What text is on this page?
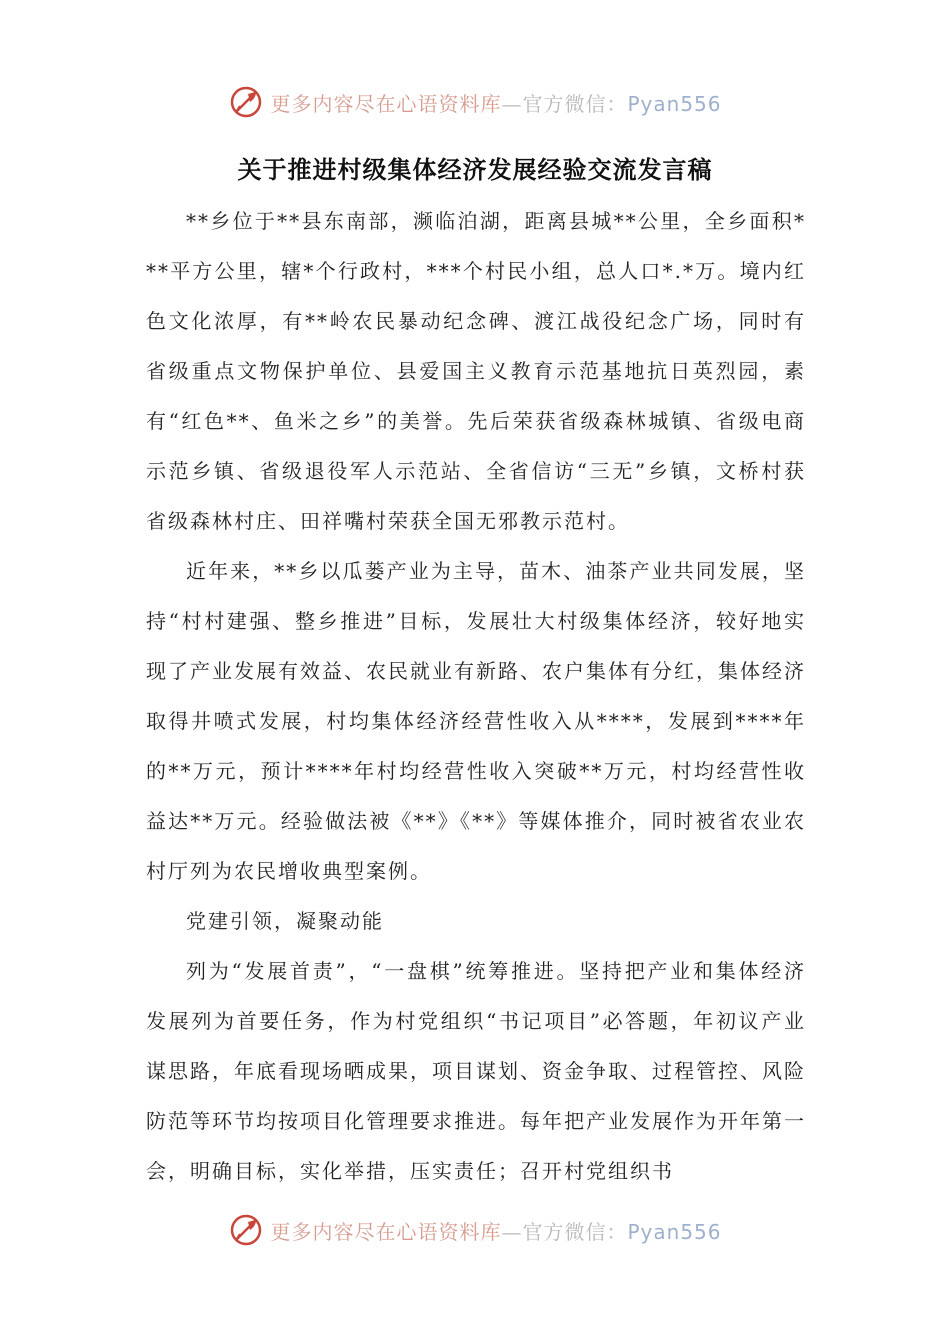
更多内容尽在心语资料库—官方微信：Pyan556
关于推进村级集体经济发展经验交流发言稿

**乡位于**县东南部，濒临泊湖，距离县城**公里，全乡面积***平方公里，辖*个行政村，***个村民小组，总人口*.*万。境内红色文化浓厚，有**岭农民暴动纪念碑、渡江战役纪念广场，同时有省级重点文物保护单位、县爱国主义教育示范基地抗日英烈园，素有“红色**、鱼米之乡”的美誉。先后荣获省级森林城镇、省级电商示范乡镇、省级退役军人示范站、全省信访“三无”乡镇，文桥村获省级森林村庄、田祥嘴村荣获全国无邪教示范村。

近年来，**乡以瓜蒌产业为主导，苗木、油茶产业共同发展，坚持“村村建强、整乡推进”目标，发展壮大村级集体经济，较好地实现了产业发展有效益、农民就业有新路、农户集体有分红，集体经济取得井喷式发展，村均集体经济经营性收入从****，发展到****年的**万元，预计****年村均经营性收入突破**万元，村均经营性收益达**万元。经验做法被《**》《**》等媒体推介，同时被省农业农村厅列为农民增收典型案例。

党建引领，凝聚动能

列为“发展首责”，“一盘棋”统筹推进。坚持把产业和集体经济发展列为首要任务，作为村党组织“书记项目”必答题，年初议产业谋思路，年底看现场晒成果，项目谋划、资金争取、过程管控、风险防范等环节均按项目化管理要求推进。每年把产业发展作为开年第一会，明确目标，实化举措，压实责任；召开村党组织书

更多内容尽在心语资料库—官方微信：Pyan556
